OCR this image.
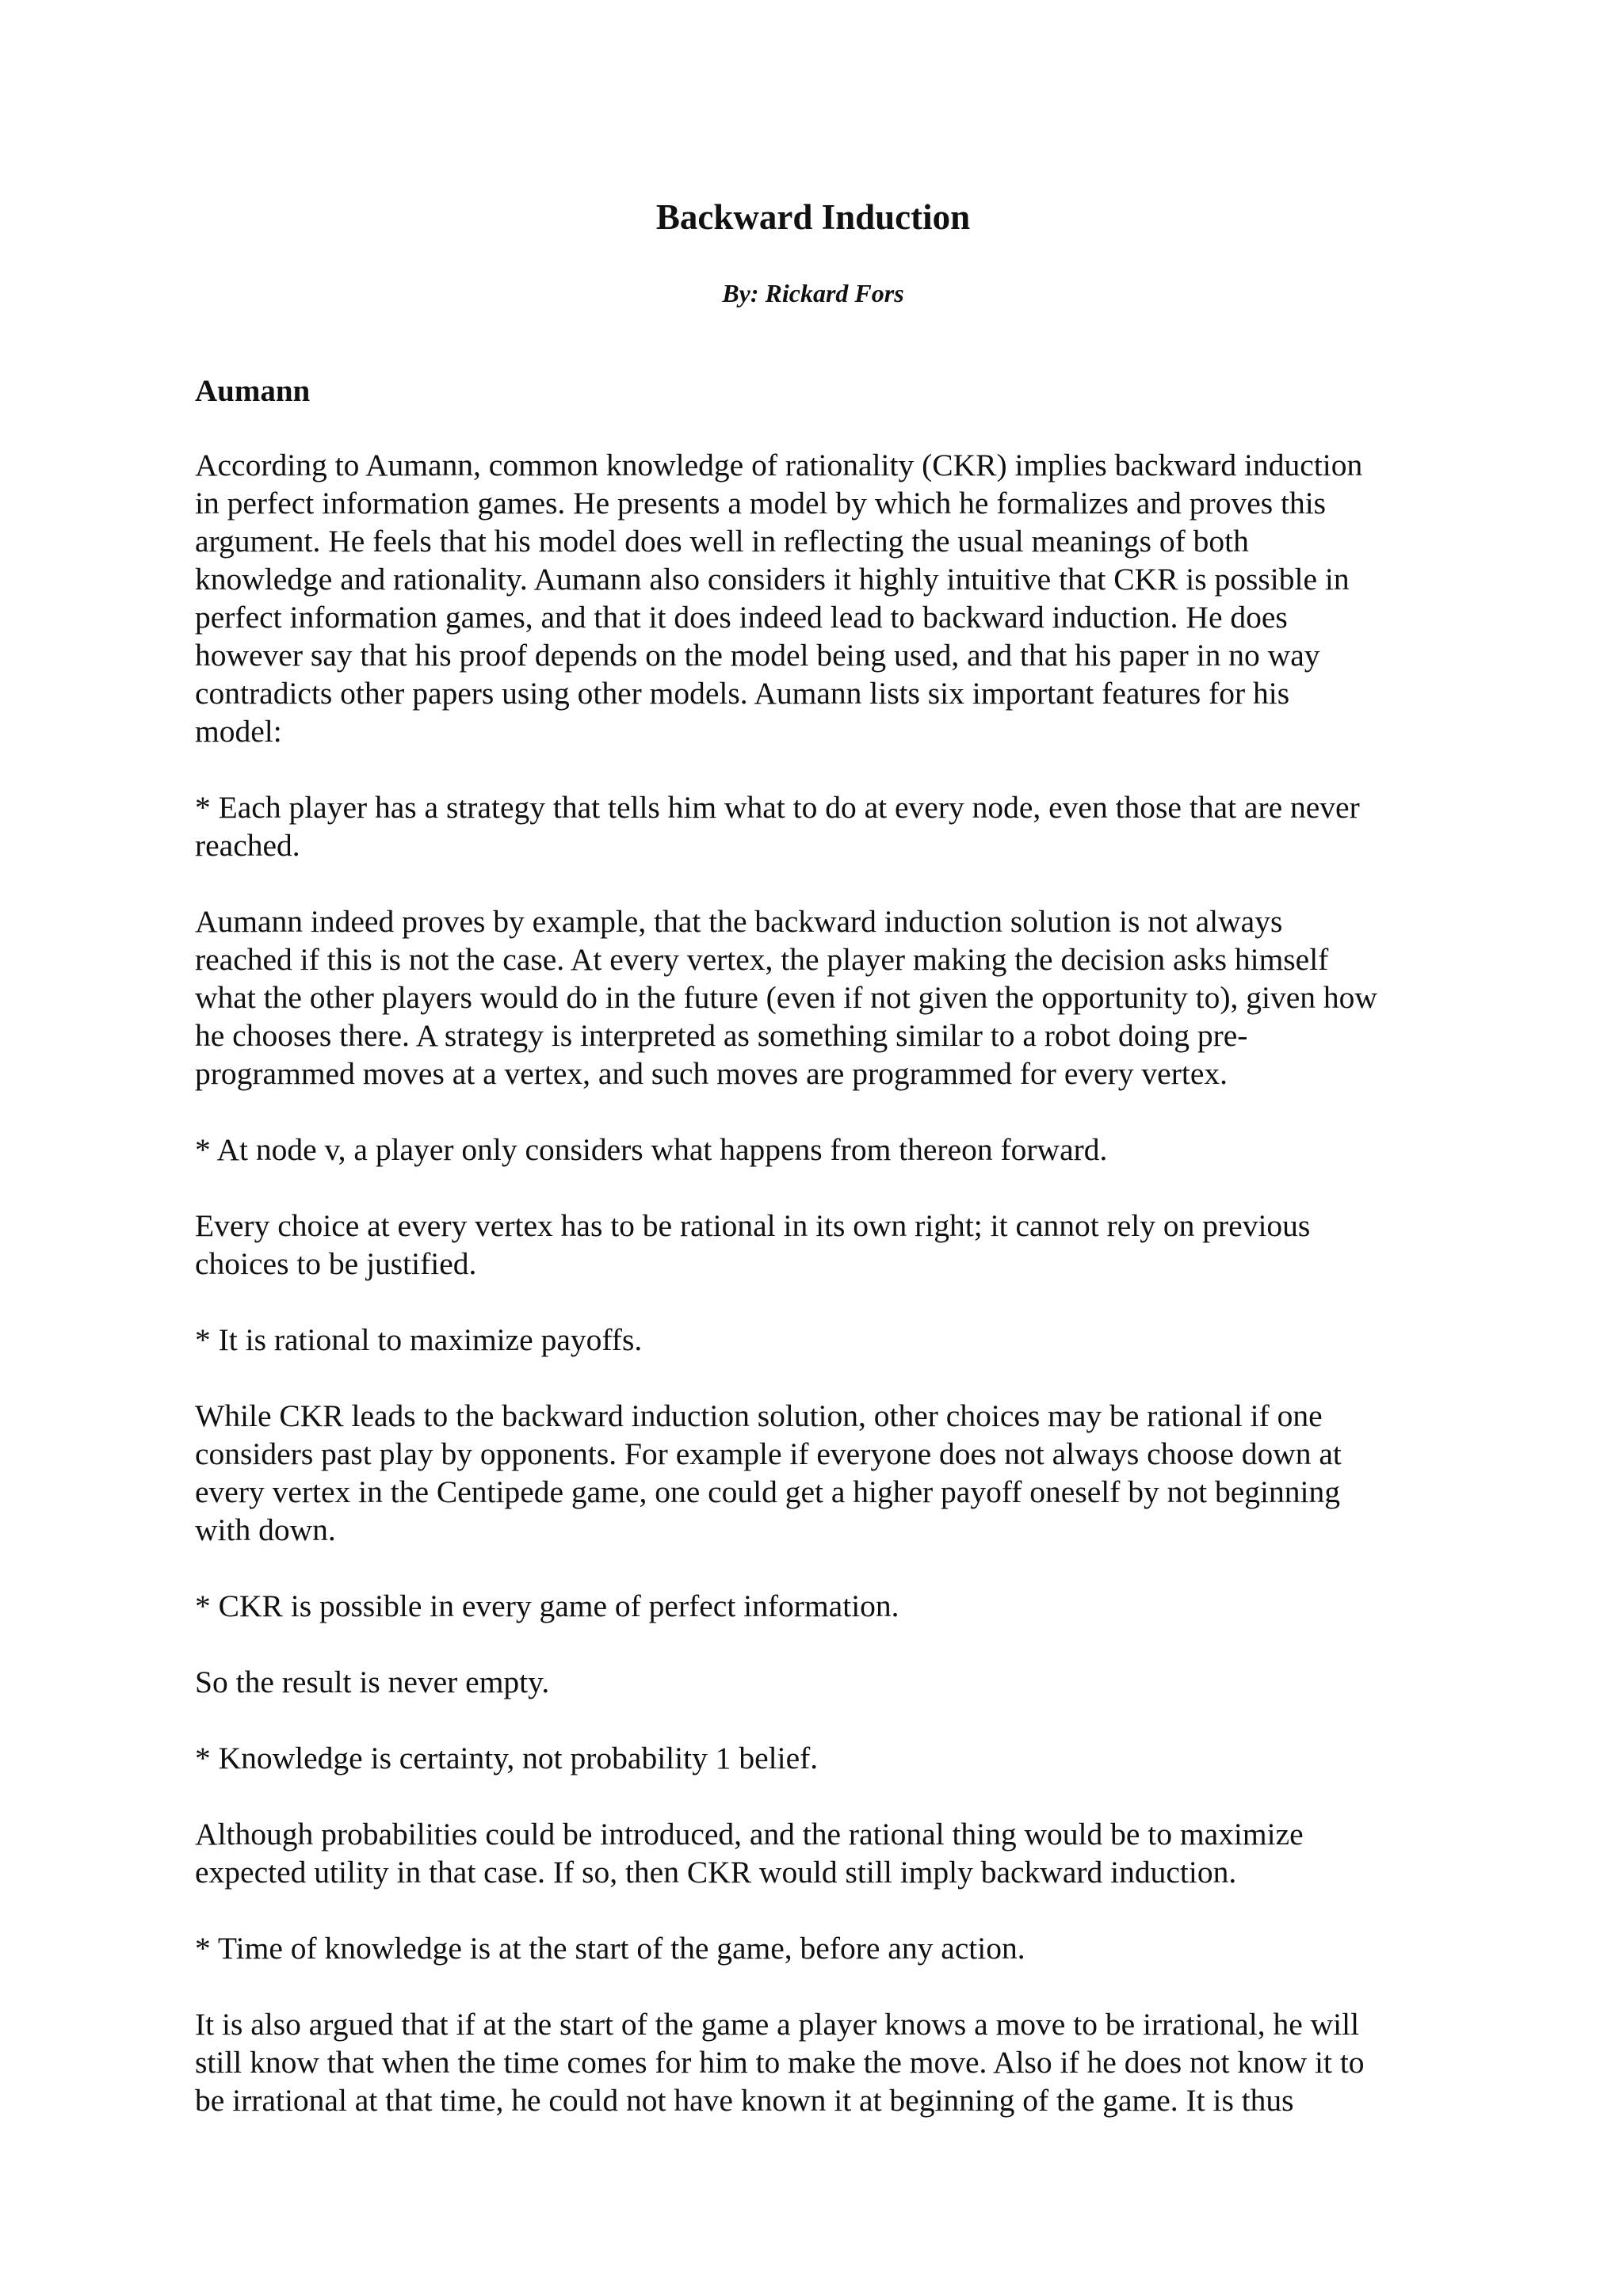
Backward Induction

By: Rickard Fors

Aumann

According to Aumann, common knowledge of rationality (CKR) implies backward induction
in perfect information games. He presents a model by which he formalizes and proves this
argument. He feels that his model does well in reflecting the usual meanings of both
knowledge and rationality. Aumann also considers it highly intuitive that CKR is possible in
perfect information games, and that it does indeed lead to backward induction. He does
however say that his proof depends on the model being used, and that his paper in no way
contradicts other papers using other models. Aumann lists six important features for his
model:

* Each player has a strategy that tells him what to do at every node, even those that are never
reached.

Aumann indeed proves by example, that the backward induction solution is not always
reached if this is not the case. At every vertex, the player making the decision asks himself
what the other players would do in the future (even if not given the opportunity to), given how
he chooses there. A strategy is interpreted as something similar to a robot doing pre-
programmed moves at a vertex, and such moves are programmed for every vertex.

* At node v, a player only considers what happens from thereon forward.

Every choice at every vertex has to be rational in its own right; it cannot rely on previous
choices to be justified.

* It is rational to maximize payoffs.

While CKR leads to the backward induction solution, other choices may be rational if one
considers past play by opponents. For example if everyone does not always choose down at
every vertex in the Centipede game, one could get a higher payoff oneself by not beginning
with down.

* CKR is possible in every game of perfect information.

So the result is never empty.

* Knowledge is certainty, not probability 1 belief.

Although probabilities could be introduced, and the rational thing would be to maximize
expected utility in that case. If so, then CKR would still imply backward induction.

* Time of knowledge is at the start of the game, before any action.

It is also argued that if at the start of the game a player knows a move to be irrational, he will
still know that when the time comes for him to make the move. Also if he does not know it to
be irrational at that time, he could not have known it at beginning of the game. It is thus
